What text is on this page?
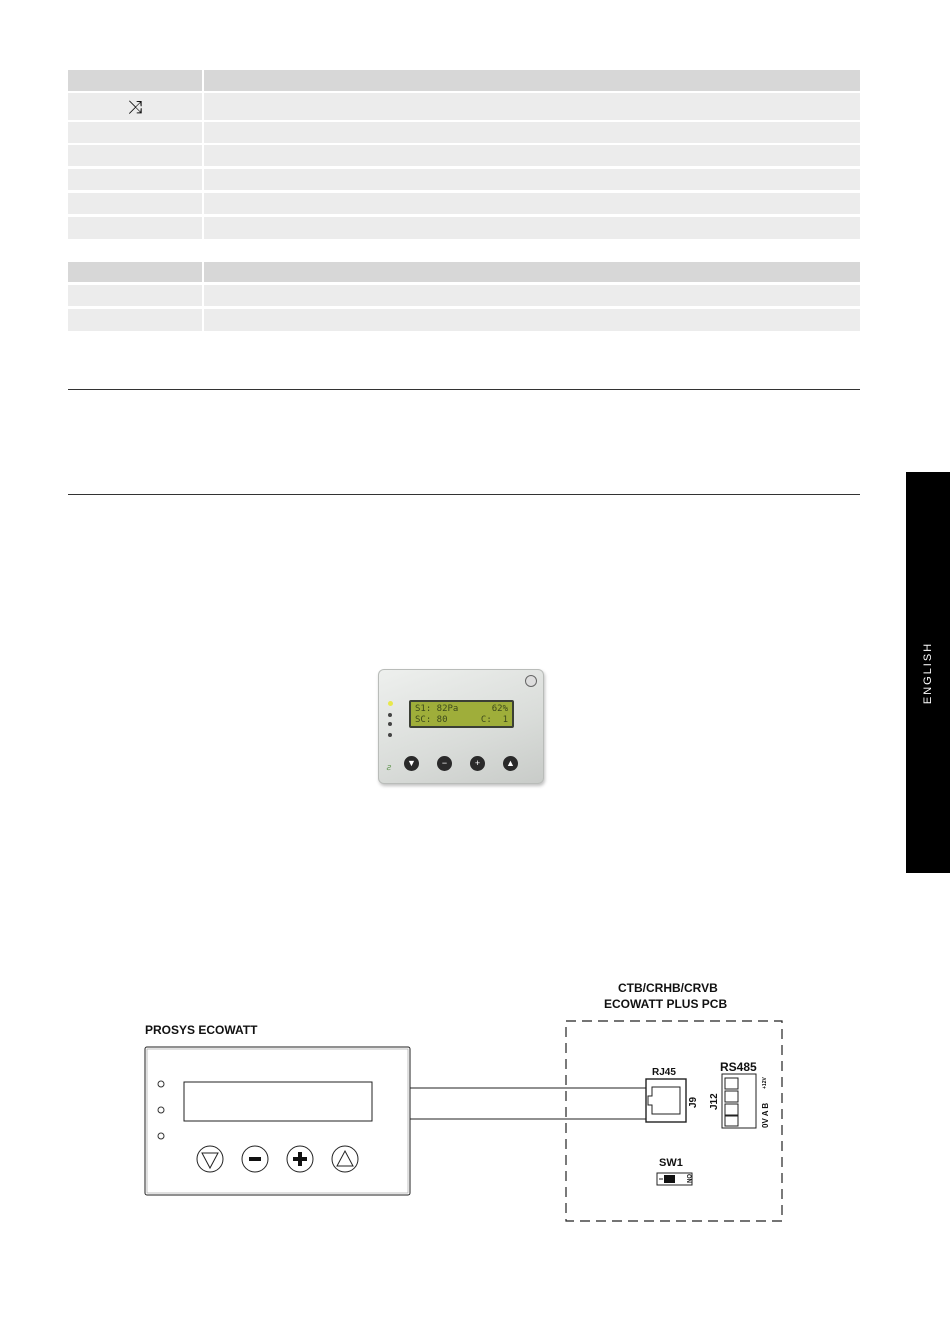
⤨
ENGLISH
S1: 82Pa	62%
SC: 80	C:  1
▼	−	+	▲
ꙅ
CTB/CRHB/CRVB
ECOWATT PLUS PCB
PROSYS ECOWATT
RJ45	RS485
SW1
J9 J12
0V A B
+12V
ON
